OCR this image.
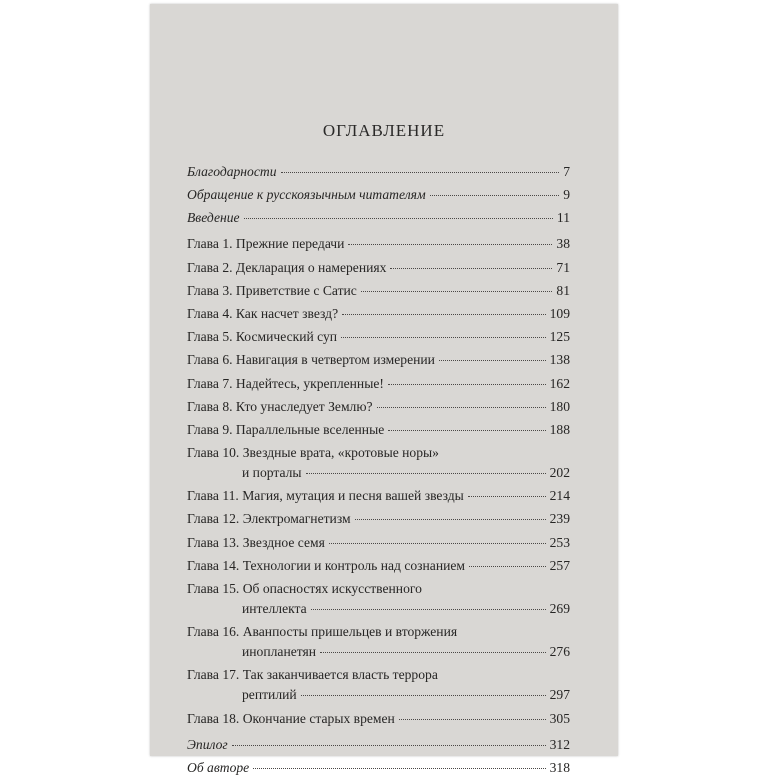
ОГЛАВЛЕНИЕ
Благодарности	7
Обращение к русскоязычным читателям	9
Введение	11
Глава 1. Прежние передачи	38
Глава 2. Декларация о намерениях	71
Глава 3. Приветствие с Сатис	81
Глава 4. Как насчет звезд?	109
Глава 5. Космический суп	125
Глава 6. Навигация в четвертом измерении	138
Глава 7. Надейтесь, укрепленные!	162
Глава 8. Кто унаследует Землю?	180
Глава 9. Параллельные вселенные	188
Глава 10. Звездные врата, «кротовые норы»
и порталы	202
Глава 11. Магия, мутация и песня вашей звезды	214
Глава 12. Электромагнетизм	239
Глава 13. Звездное семя	253
Глава 14. Технологии и контроль над сознанием	257
Глава 15. Об опасностях искусственного
интеллекта	269
Глава 16. Аванпосты пришельцев и вторжения
инопланетян	276
Глава 17. Так заканчивается власть террора
рептилий	297
Глава 18. Окончание старых времен	305
Эпилог	312
Об авторе	318
